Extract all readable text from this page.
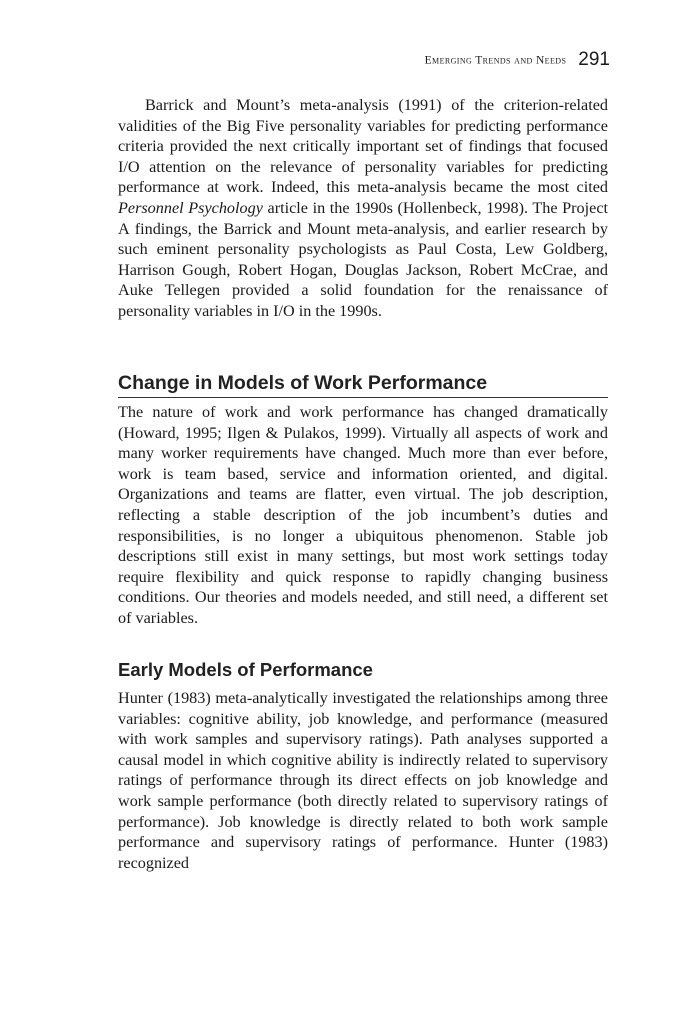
Emerging Trends and Needs 291

Barrick and Mount’s meta-analysis (1991) of the criterion-related validities of the Big Five personality variables for predicting performance criteria provided the next critically important set of findings that focused I/O attention on the relevance of personality variables for predicting performance at work. Indeed, this meta-analysis became the most cited Personnel Psychology article in the 1990s (Hollenbeck, 1998). The Project A findings, the Barrick and Mount meta-analysis, and earlier research by such eminent personality psychologists as Paul Costa, Lew Goldberg, Harrison Gough, Robert Hogan, Douglas Jackson, Robert McCrae, and Auke Tellegen provided a solid foundation for the renaissance of personality variables in I/O in the 1990s.

Change in Models of Work Performance

The nature of work and work performance has changed dramatically (Howard, 1995; Ilgen & Pulakos, 1999). Virtually all aspects of work and many worker requirements have changed. Much more than ever before, work is team based, service and information oriented, and digital. Organizations and teams are flatter, even virtual. The job description, reflecting a stable description of the job incumbent’s duties and responsibilities, is no longer a ubiquitous phenomenon. Stable job descriptions still exist in many settings, but most work settings today require flexibility and quick response to rapidly changing business conditions. Our theories and models needed, and still need, a different set of variables.

Early Models of Performance

Hunter (1983) meta-analytically investigated the relationships among three variables: cognitive ability, job knowledge, and performance (measured with work samples and supervisory ratings). Path analyses supported a causal model in which cognitive ability is indirectly related to supervisory ratings of performance through its direct effects on job knowledge and work sample performance (both directly related to supervisory ratings of performance). Job knowledge is directly related to both work sample performance and supervisory ratings of performance. Hunter (1983) recognized
